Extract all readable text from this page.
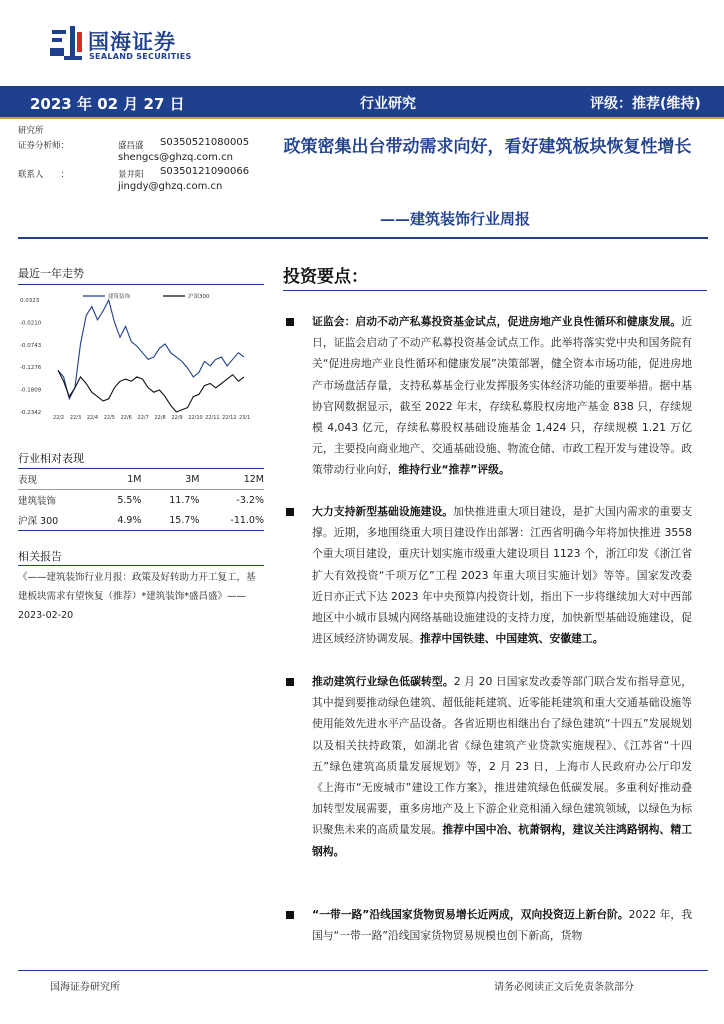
国海证券
SEALAND SECURITIES
2023 年 02 月 27 日	行业研究	评级：推荐(维持)
研究所
证券分析师：	盛昌盛 S0350521080005
shengcs@ghzq.com.cn
联系人　　：	景井阳 S0350121090066
jingdy@ghzq.com.cn
政策密集出台带动需求向好，看好建筑板块恢复性增长
——建筑装饰行业周报
最近一年走势
0.0323
-0.0210
-0.0743
-0.1276
-0.1809
-0.2342
22/2 22/3 22/4 22/5 22/6 22/7 22/8 22/9 22/10 22/11 22/12 23/1
建筑装饰	沪深300
行业相对表现
表现	1M	3M	12M
建筑装饰	5.5%	11.7%	-3.2%
沪深 300	4.9%	15.7%	-11.0%
相关报告
《——建筑装饰行业月报：政策及好转助力开工复工，基建板块需求有望恢复（推荐）*建筑装饰*盛昌盛》——2023-02-20
投资要点：
证监会：启动不动产私募投资基金试点，促进房地产业良性循环和健康发展。近日，证监会启动了不动产私募投资基金试点工作。此举将落实党中央和国务院有关“促进房地产业良性循环和健康发展”决策部署，健全资本市场功能，促进房地产市场盘活存量，支持私募基金行业发挥服务实体经济功能的重要举措。据中基协官网数据显示，截至 2022 年末，存续私募股权房地产基金 838 只，存续规模 4,043 亿元，存续私募股权基础设施基金 1,424 只，存续规模 1.21 万亿元，主要投向商业地产、交通基础设施、物流仓储、市政工程开发与建设等。政策带动行业向好，维持行业“推荐”评级。
大力支持新型基础设施建设。加快推进重大项目建设，是扩大国内需求的重要支撑。近期，多地围绕重大项目建设作出部署：江西省明确今年将加快推进 3558 个重大项目建设，重庆计划实施市级重大建设项目 1123 个，浙江印发《浙江省扩大有效投资“千项万亿”工程 2023 年重大项目实施计划》等等。国家发改委近日亦正式下达 2023 年中央预算内投资计划，指出下一步将继续加大对中西部地区中小城市县城内网络基础设施建设的支持力度，加快新型基础设施建设，促进区域经济协调发展。推荐中国铁建、中国建筑、安徽建工。
推动建筑行业绿色低碳转型。2 月 20 日国家发改委等部门联合发布指导意见，其中提到要推动绿色建筑、超低能耗建筑、近零能耗建筑和重大交通基础设施等使用能效先进水平产品设备。各省近期也相继出台了绿色建筑“十四五”发展规划以及相关扶持政策，如湖北省《绿色建筑产业贷款实施规程》、《江苏省“十四五”绿色建筑高质量发展规划》等，2 月 23 日，上海市人民政府办公厅印发《上海市“无废城市”建设工作方案》，推进建筑绿色低碳发展。多重利好推动叠加转型发展需要，重多房地产及上下游企业竞相涌入绿色建筑领域，以绿色为标识聚焦未来的高质量发展。推荐中国中冶、杭萧钢构，建议关注鸿路钢构、精工钢构。
“一带一路”沿线国家货物贸易增长近两成，双向投资迈上新台阶。2022 年，我国与“一带一路”沿线国家货物贸易规模也创下新高，货物
国海证券研究所	请务必阅读正文后免责条款部分
